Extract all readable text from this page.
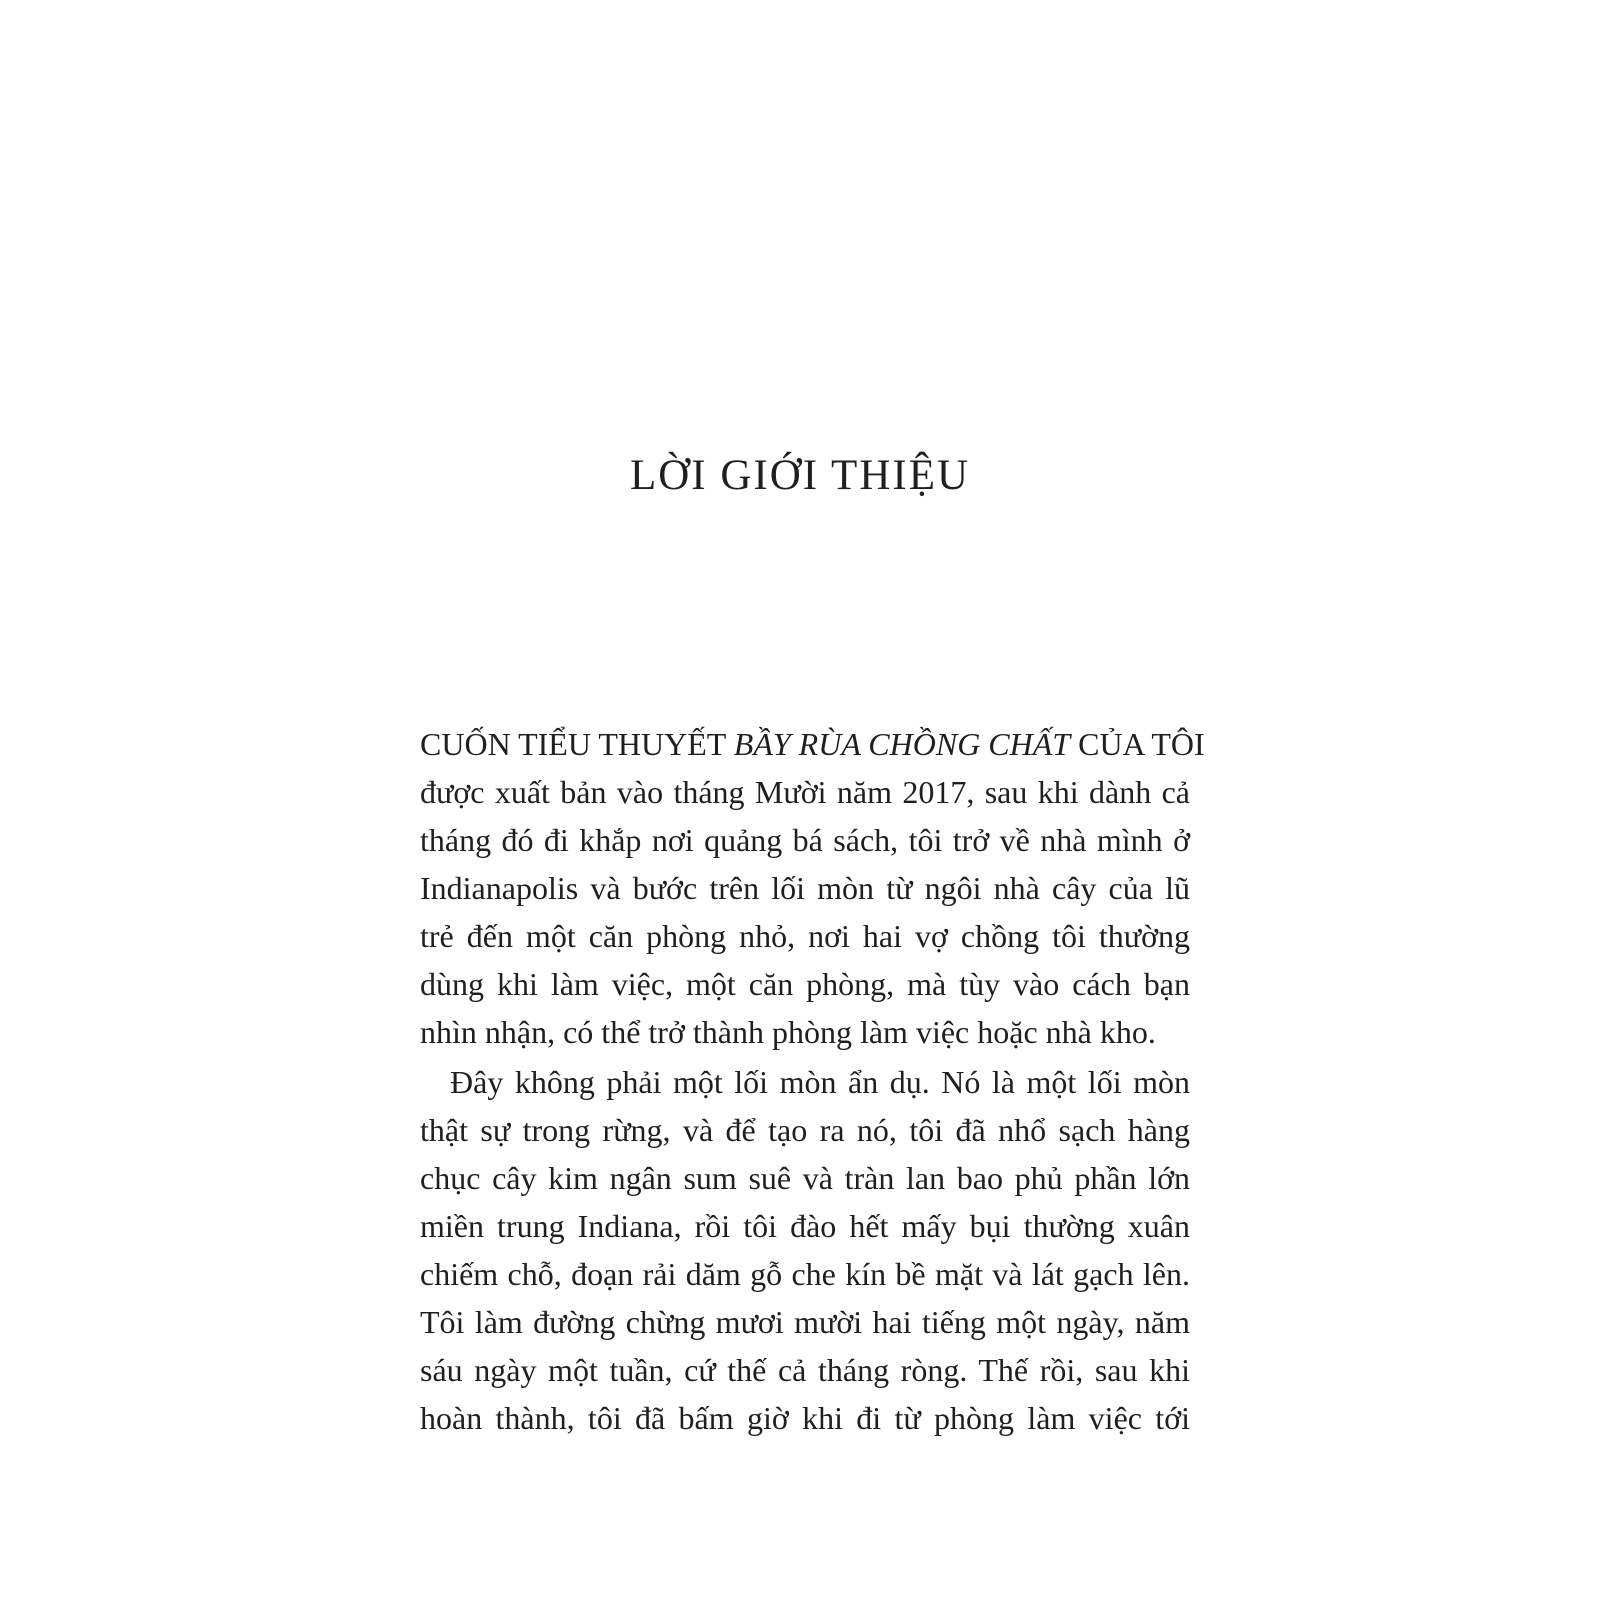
LỜI GIỚI THIỆU
CUỐN TIỂU THUYẾT BẦY RÙA CHỒNG CHẤT CỦA TÔI
được xuất bản vào tháng Mười năm 2017, sau khi dành cả
tháng đó đi khắp nơi quảng bá sách, tôi trở về nhà mình ở
Indianapolis và bước trên lối mòn từ ngôi nhà cây của lũ
trẻ đến một căn phòng nhỏ, nơi hai vợ chồng tôi thường
dùng khi làm việc, một căn phòng, mà tùy vào cách bạn
nhìn nhận, có thể trở thành phòng làm việc hoặc nhà kho.
Đây không phải một lối mòn ẩn dụ. Nó là một lối mòn
thật sự trong rừng, và để tạo ra nó, tôi đã nhổ sạch hàng
chục cây kim ngân sum suê và tràn lan bao phủ phần lớn
miền trung Indiana, rồi tôi đào hết mấy bụi thường xuân
chiếm chỗ, đoạn rải dăm gỗ che kín bề mặt và lát gạch lên.
Tôi làm đường chừng mươi mười hai tiếng một ngày, năm
sáu ngày một tuần, cứ thế cả tháng ròng. Thế rồi, sau khi
hoàn thành, tôi đã bấm giờ khi đi từ phòng làm việc tới
